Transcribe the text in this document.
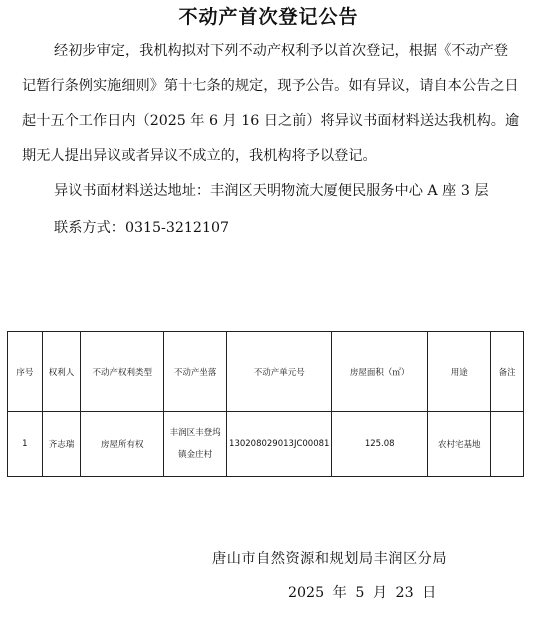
不动产首次登记公告

经初步审定，我机构拟对下列不动产权利予以首次登记，根据《不动产登记暂行条例实施细则》第十七条的规定，现予公告。如有异议，请自本公告之日起十五个工作日内（2025 年 6 月 16 日之前）将异议书面材料送达我机构。逾期无人提出异议或者异议不成立的，我机构将予以登记。

异议书面材料送达地址：丰润区天明物流大厦便民服务中心 A 座 3 层

联系方式：0315-3212107

序号	权利人	不动产权利类型	不动产坐落	不动产单元号	房屋面积（㎡）	用途	备注
1	齐志瑞	房屋所有权	丰润区丰登坞镇金庄村	130208029013JC00081	125.08	农村宅基地	

唐山市自然资源和规划局丰润区分局

2025 年 5 月 23 日
